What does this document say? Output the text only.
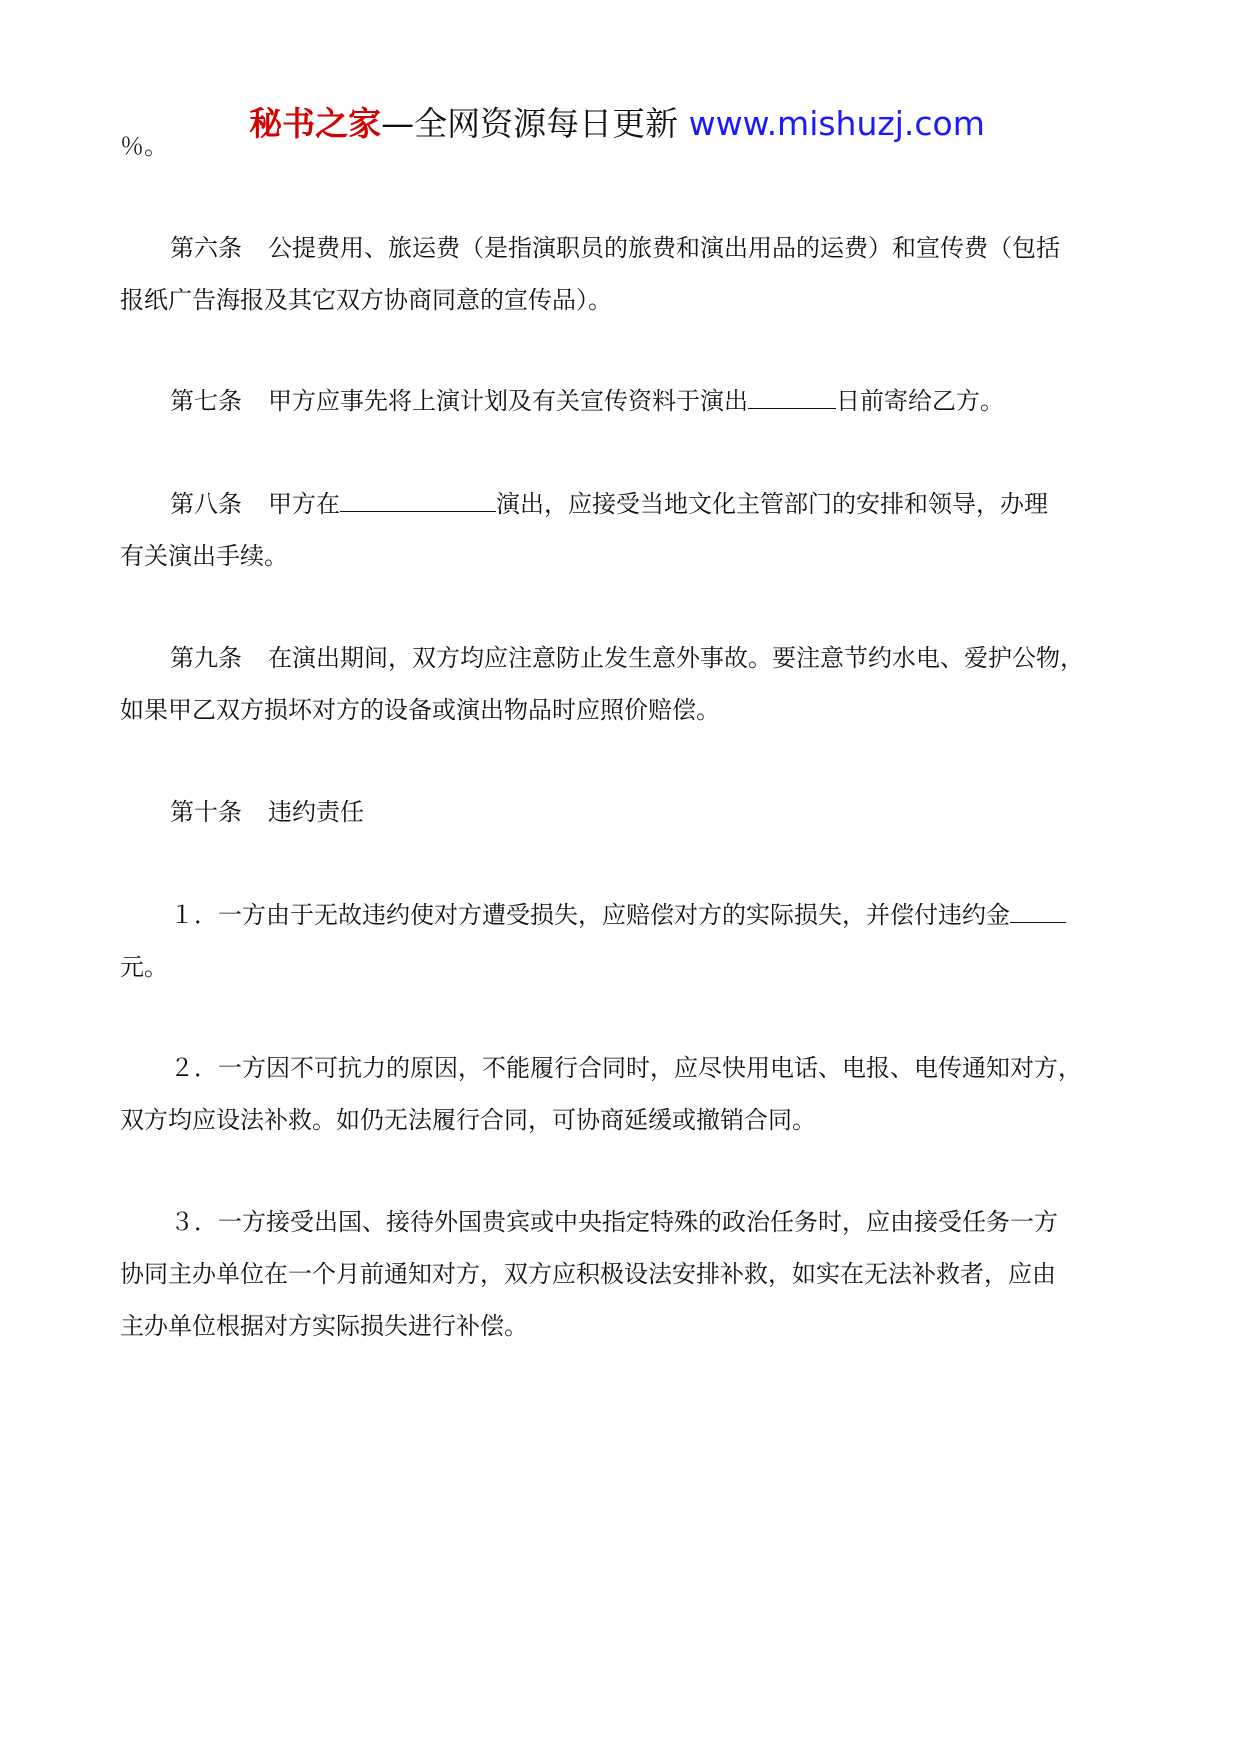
秘书之家—全网资源每日更新 www.mishuzj.com
％。
第六条 公提费用、旅运费（是指演职员的旅费和演出用品的运费）和宣传费（包括
报纸广告海报及其它双方协商同意的宣传品）。
第七条 甲方应事先将上演计划及有关宣传资料于演出	日前寄给乙方。
第八条 甲方在	演出，应接受当地文化主管部门的安排和领导，办理
有关演出手续。
第九条 在演出期间，双方均应注意防止发生意外事故。要注意节约水电、爱护公物，
如果甲乙双方损坏对方的设备或演出物品时应照价赔偿。
第十条 违约责任
１．一方由于无故违约使对方遭受损失，应赔偿对方的实际损失，并偿付违约金
元。
２．一方因不可抗力的原因，不能履行合同时，应尽快用电话、电报、电传通知对方，
双方均应设法补救。如仍无法履行合同，可协商延缓或撤销合同。
３．一方接受出国、接待外国贵宾或中央指定特殊的政治任务时，应由接受任务一方
协同主办单位在一个月前通知对方，双方应积极设法安排补救，如实在无法补救者，应由
主办单位根据对方实际损失进行补偿。
